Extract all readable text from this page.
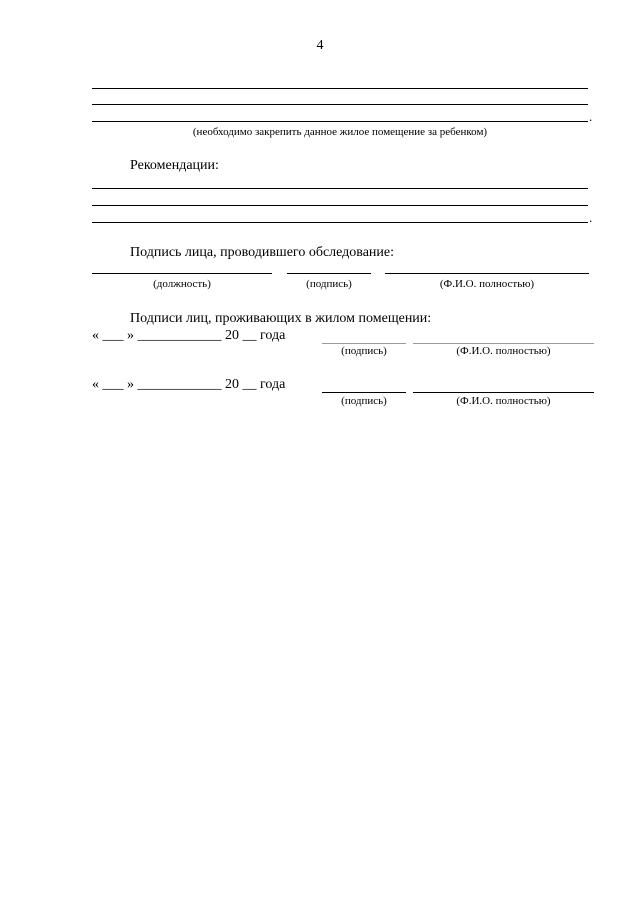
4
.
(необходимо закрепить данное жилое помещение за ребенком)
Рекомендации:
.
Подпись лица, проводившего обследование:
(должность)	(подпись)	(Ф.И.О. полностью)
Подписи лиц, проживающих в жилом помещении:
« ___ » ____________ 20 __ года
(подпись)	(Ф.И.О. полностью)
« ___ » ____________ 20 __ года
(подпись)	(Ф.И.О. полностью)
